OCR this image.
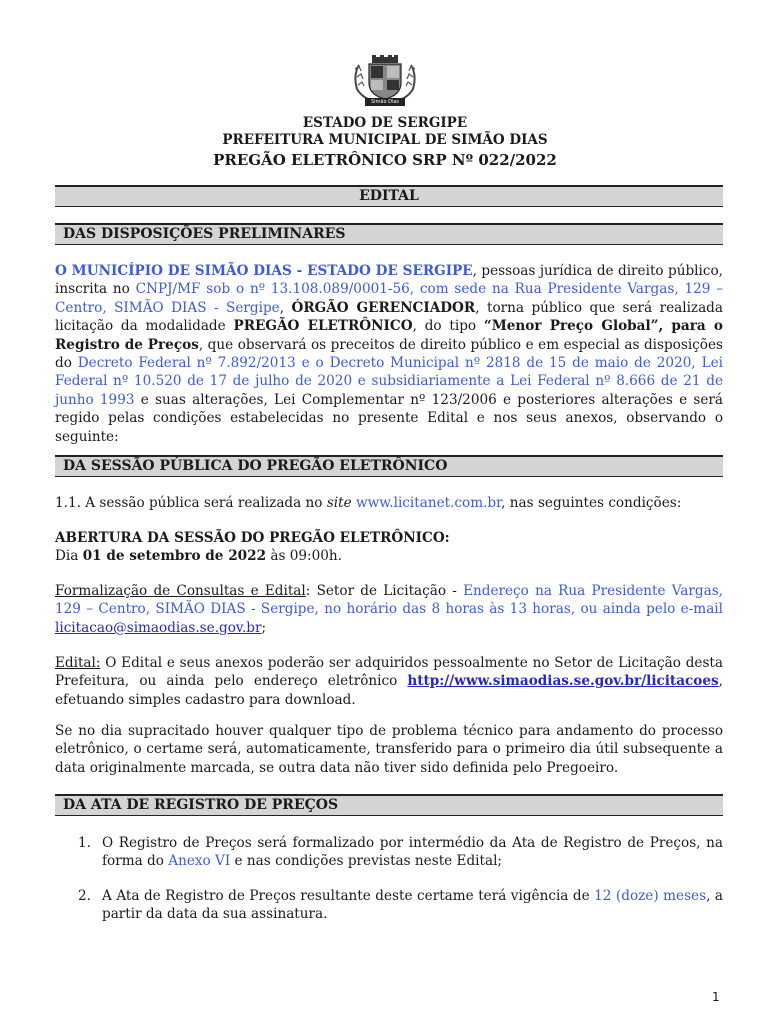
Simão Dias
ESTADO DE SERGIPE
PREFEITURA MUNICIPAL DE SIMÃO DIAS
PREGÃO ELETRÔNICO SRP Nº 022/2022
EDITAL
DAS DISPOSIÇÕES PRELIMINARES
O MUNICÍPIO DE SIMÃO DIAS - ESTADO DE SERGIPE, pessoas jurídica de direito público, inscrita no CNPJ/MF sob o nº 13.108.089/0001-56, com sede na Rua Presidente Vargas, 129 – Centro, SIMÃO DIAS - Sergipe, ÓRGÃO GERENCIADOR, torna público que será realizada licitação da modalidade PREGÃO ELETRÔNICO, do tipo “Menor Preço Global”, para o Registro de Preços, que observará os preceitos de direito público e em especial as disposições do Decreto Federal nº 7.892/2013 e o Decreto Municipal nº 2818 de 15 de maio de 2020, Lei Federal nº 10.520 de 17 de julho de 2020 e subsidiariamente a Lei Federal nº 8.666 de 21 de junho 1993 e suas alterações, Lei Complementar nº 123/2006 e posteriores alterações e será regido pelas condições estabelecidas no presente Edital e nos seus anexos, observando o seguinte:
DA SESSÃO PÚBLICA DO PREGÃO ELETRÔNICO
1.1. A sessão pública será realizada no site www.licitanet.com.br, nas seguintes condições:
ABERTURA DA SESSÃO DO PREGÃO ELETRÔNICO:
Dia 01 de setembro de 2022 às 09:00h.
Formalização de Consultas e Edital: Setor de Licitação - Endereço na Rua Presidente Vargas, 129 – Centro, SIMÃO DIAS - Sergipe, no horário das 8 horas às 13 horas, ou ainda pelo e-mail licitacao@simaodias.se.gov.br;
Edital: O Edital e seus anexos poderão ser adquiridos pessoalmente no Setor de Licitação desta Prefeitura, ou ainda pelo endereço eletrônico http://www.simaodias.se.gov.br/licitacoes, efetuando simples cadastro para download.
Se no dia supracitado houver qualquer tipo de problema técnico para andamento do processo eletrônico, o certame será, automaticamente, transferido para o primeiro dia útil subsequente a data originalmente marcada, se outra data não tiver sido definida pelo Pregoeiro.
DA ATA DE REGISTRO DE PREÇOS
1. O Registro de Preços será formalizado por intermédio da Ata de Registro de Preços, na forma do Anexo VI e nas condições previstas neste Edital;
2. A Ata de Registro de Preços resultante deste certame terá vigência de 12 (doze) meses, a partir da data da sua assinatura.
1
